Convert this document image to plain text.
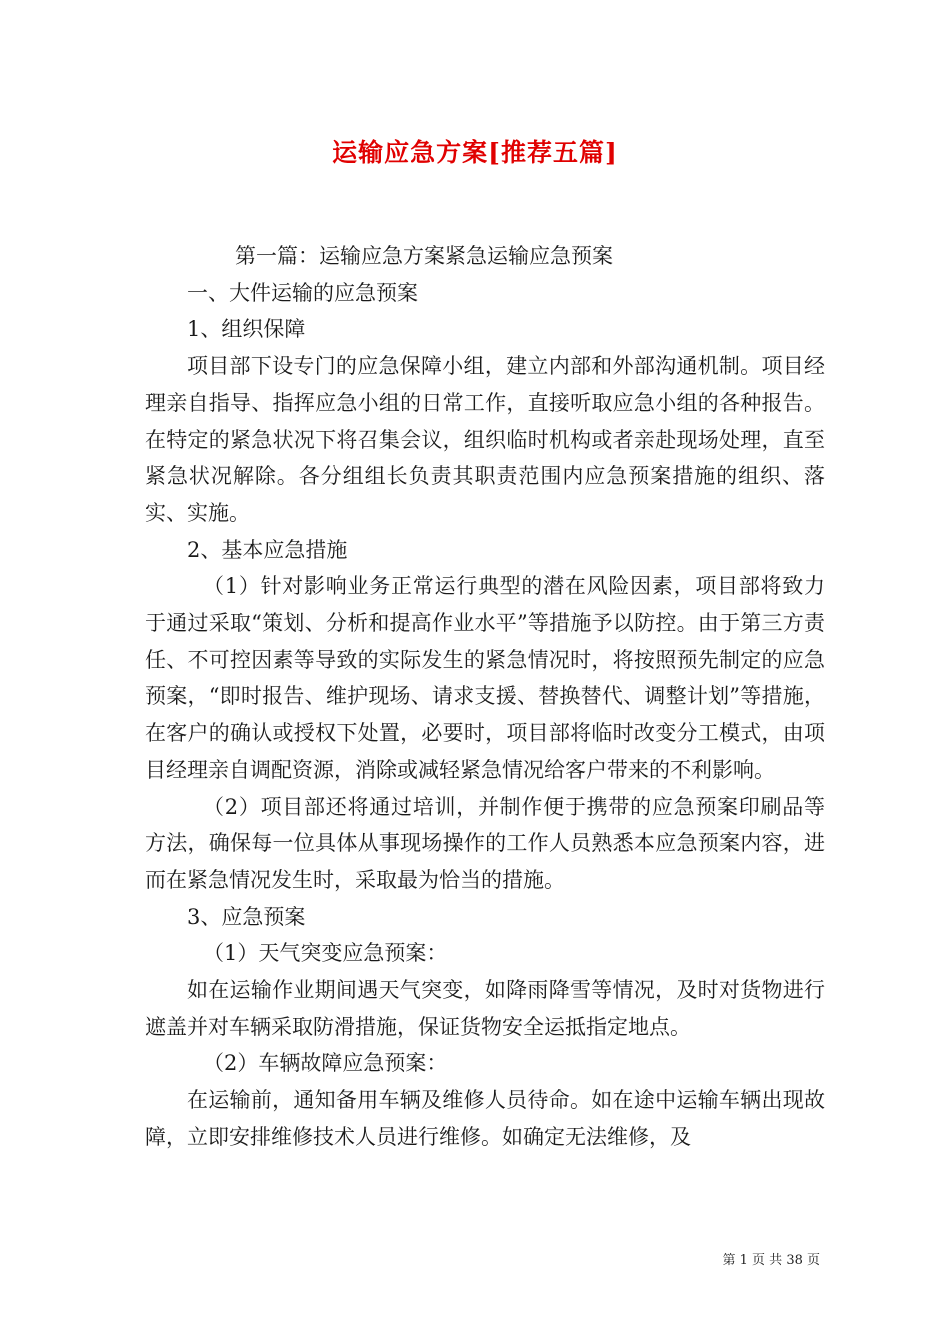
运输应急方案[推荐五篇]

第一篇：运输应急方案紧急运输应急预案

一、大件运输的应急预案

1、组织保障

项目部下设专门的应急保障小组，建立内部和外部沟通机制。项目经理亲自指导、指挥应急小组的日常工作，直接听取应急小组的各种报告。在特定的紧急状况下将召集会议，组织临时机构或者亲赴现场处理，直至紧急状况解除。各分组组长负责其职责范围内应急预案措施的组织、落实、实施。

2、基本应急措施

（1）针对影响业务正常运行典型的潜在风险因素，项目部将致力于通过采取“策划、分析和提高作业水平”等措施予以防控。由于第三方责任、不可控因素等导致的实际发生的紧急情况时，将按照预先制定的应急预案，“即时报告、维护现场、请求支援、替换替代、调整计划”等措施，在客户的确认或授权下处置，必要时，项目部将临时改变分工模式，由项目经理亲自调配资源，消除或减轻紧急情况给客户带来的不利影响。

（2）项目部还将通过培训，并制作便于携带的应急预案印刷品等方法，确保每一位具体从事现场操作的工作人员熟悉本应急预案内容，进而在紧急情况发生时，采取最为恰当的措施。

3、应急预案

（1）天气突变应急预案：

如在运输作业期间遇天气突变，如降雨降雪等情况，及时对货物进行遮盖并对车辆采取防滑措施，保证货物安全运抵指定地点。

（2）车辆故障应急预案：

在运输前，通知备用车辆及维修人员待命。如在途中运输车辆出现故障，立即安排维修技术人员进行维修。如确定无法维修，及

第 1 页 共 38 页
